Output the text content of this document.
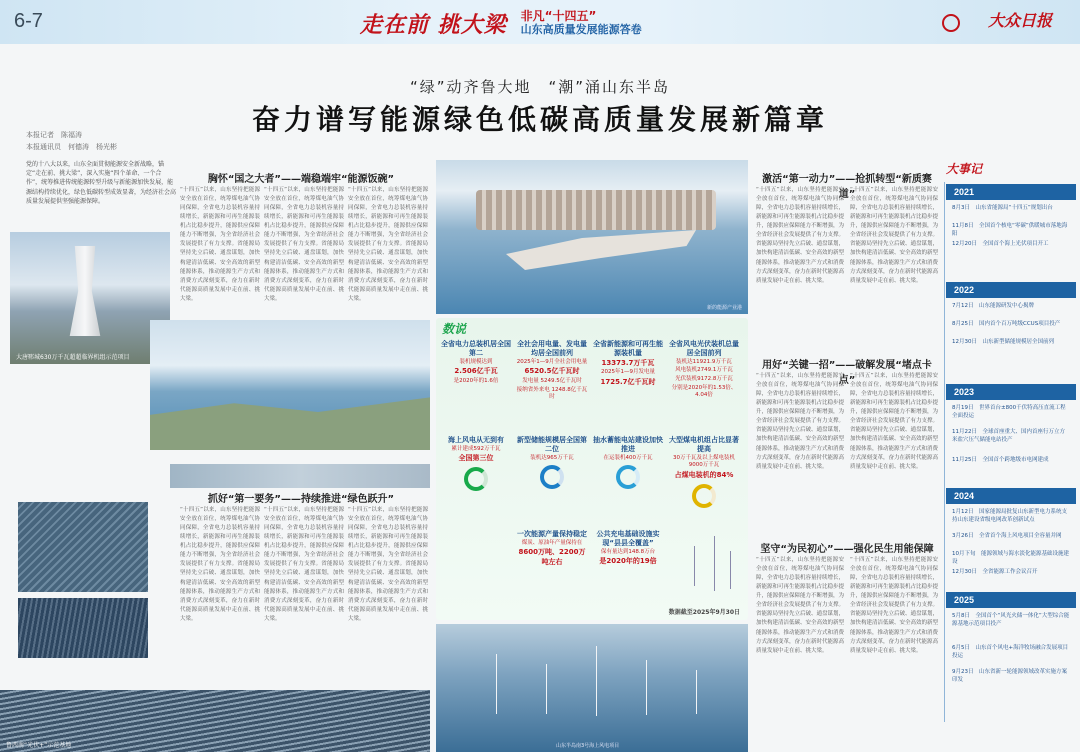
6-7	走在前 挑大梁 非凡“十四五”
山东高质量发展能源答卷	大众日报
“绿”动齐鲁大地　“潮”涌山东半岛
奋力谱写能源绿色低碳高质量发展新篇章
本报记者　陈福涛
本报通讯员　何德涛　杨光彬
党的十八大以来，山东全面贯彻能源安全新战略，锚定“走在前、挑大梁”，深入实施“四个革命、一个合作”，统筹推进传统能源转型升级与新能源加快发展，能源结构持续优化，绿色低碳转型成效显著，为经济社会高质量发展提供坚强能源保障。
大唐郓城630万千瓦超超临界机组示范项目
胸怀“国之大者”——端稳端牢“能源饭碗”
“十四五”以来，山东坚持把能源安全放在首位，统筹煤电油气协同保障，全省电力总装机容量持续增长，新能源和可再生能源装机占比稳步提升，能源供应保障能力不断增强，为全省经济社会发展提供了有力支撑。省能源局坚持先立后破、通盘谋划，加快构建清洁低碳、安全高效的新型能源体系，推动能源生产方式和消费方式深刻变革，奋力在新时代能源高质量发展中走在前、挑大梁。
“十四五”以来，山东坚持把能源安全放在首位，统筹煤电油气协同保障，全省电力总装机容量持续增长，新能源和可再生能源装机占比稳步提升，能源供应保障能力不断增强，为全省经济社会发展提供了有力支撑。省能源局坚持先立后破、通盘谋划，加快构建清洁低碳、安全高效的新型能源体系，推动能源生产方式和消费方式深刻变革，奋力在新时代能源高质量发展中走在前、挑大梁。
“十四五”以来，山东坚持把能源安全放在首位，统筹煤电油气协同保障，全省电力总装机容量持续增长，新能源和可再生能源装机占比稳步提升，能源供应保障能力不断增强，为全省经济社会发展提供了有力支撑。省能源局坚持先立后破、通盘谋划，加快构建清洁低碳、安全高效的新型能源体系，推动能源生产方式和消费方式深刻变革，奋力在新时代能源高质量发展中走在前、挑大梁。
抓好“第一要务”——持续推进“绿色跃升”
“十四五”以来，山东坚持把能源安全放在首位，统筹煤电油气协同保障，全省电力总装机容量持续增长，新能源和可再生能源装机占比稳步提升，能源供应保障能力不断增强，为全省经济社会发展提供了有力支撑。省能源局坚持先立后破、通盘谋划，加快构建清洁低碳、安全高效的新型能源体系，推动能源生产方式和消费方式深刻变革，奋力在新时代能源高质量发展中走在前、挑大梁。
“十四五”以来，山东坚持把能源安全放在首位，统筹煤电油气协同保障，全省电力总装机容量持续增长，新能源和可再生能源装机占比稳步提升，能源供应保障能力不断增强，为全省经济社会发展提供了有力支撑。省能源局坚持先立后破、通盘谋划，加快构建清洁低碳、安全高效的新型能源体系，推动能源生产方式和消费方式深刻变革，奋力在新时代能源高质量发展中走在前、挑大梁。
“十四五”以来，山东坚持把能源安全放在首位，统筹煤电油气协同保障，全省电力总装机容量持续增长，新能源和可再生能源装机占比稳步提升，能源供应保障能力不断增强，为全省经济社会发展提供了有力支撑。省能源局坚持先立后破、通盘谋划，加快构建清洁低碳、安全高效的新型能源体系，推动能源生产方式和消费方式深刻变革，奋力在新时代能源高质量发展中走在前、挑大梁。
鲁西南“光伏+”示范基地
新的能源产业港
数说
全省电力总装机居全国第二
装机规模达到
2.506亿千瓦
是2020年的1.6倍
全社会用电量、发电量均居全国前列
2025年1—9月全社会用电量
6520.5亿千瓦时
发电量 5249.5亿千瓦时
接纳省外来电 1248.8亿千瓦时
全省新能源和可再生能源装机量
13373.7万千瓦
2025年1—9月发电量
1725.7亿千瓦时
全省风电光伏装机总量居全国前列
装机达11921.9万千瓦
风电装机2749.1万千瓦
光伏装机9172.8万千瓦
分别是2020年的1.53倍、4.04倍
海上风电从无到有
累计建成592万千瓦
全国第三位
新型储能规模居全国第二位
装机达965万千瓦
抽水蓄能电站建设加快推进
在运装机400万千瓦
大型煤电机组占比显著提高
30万千瓦及以上煤电装机9000万千瓦
占煤电装机的84%
一次能源产量保持稳定
煤炭、原油年产量保持在
8600万吨、2200万吨左右
公共充电基础设施实现“县县全覆盖”
保有量达到148.8万台
是2020年的19倍
数据截至2025年9月30日
山东半岛南3号海上风电项目
激活“第一动力”——抢抓转型“新质赛道”
“十四五”以来，山东坚持把能源安全放在首位，统筹煤电油气协同保障，全省电力总装机容量持续增长，新能源和可再生能源装机占比稳步提升，能源供应保障能力不断增强，为全省经济社会发展提供了有力支撑。省能源局坚持先立后破、通盘谋划，加快构建清洁低碳、安全高效的新型能源体系，推动能源生产方式和消费方式深刻变革，奋力在新时代能源高质量发展中走在前、挑大梁。
“十四五”以来，山东坚持把能源安全放在首位，统筹煤电油气协同保障，全省电力总装机容量持续增长，新能源和可再生能源装机占比稳步提升，能源供应保障能力不断增强，为全省经济社会发展提供了有力支撑。省能源局坚持先立后破、通盘谋划，加快构建清洁低碳、安全高效的新型能源体系，推动能源生产方式和消费方式深刻变革，奋力在新时代能源高质量发展中走在前、挑大梁。
用好“关键一招”——破解发展“堵点卡点”
“十四五”以来，山东坚持把能源安全放在首位，统筹煤电油气协同保障，全省电力总装机容量持续增长，新能源和可再生能源装机占比稳步提升，能源供应保障能力不断增强，为全省经济社会发展提供了有力支撑。省能源局坚持先立后破、通盘谋划，加快构建清洁低碳、安全高效的新型能源体系，推动能源生产方式和消费方式深刻变革，奋力在新时代能源高质量发展中走在前、挑大梁。
“十四五”以来，山东坚持把能源安全放在首位，统筹煤电油气协同保障，全省电力总装机容量持续增长，新能源和可再生能源装机占比稳步提升，能源供应保障能力不断增强，为全省经济社会发展提供了有力支撑。省能源局坚持先立后破、通盘谋划，加快构建清洁低碳、安全高效的新型能源体系，推动能源生产方式和消费方式深刻变革，奋力在新时代能源高质量发展中走在前、挑大梁。
坚守“为民初心”——强化民生用能保障
“十四五”以来，山东坚持把能源安全放在首位，统筹煤电油气协同保障，全省电力总装机容量持续增长，新能源和可再生能源装机占比稳步提升，能源供应保障能力不断增强，为全省经济社会发展提供了有力支撑。省能源局坚持先立后破、通盘谋划，加快构建清洁低碳、安全高效的新型能源体系，推动能源生产方式和消费方式深刻变革，奋力在新时代能源高质量发展中走在前、挑大梁。
“十四五”以来，山东坚持把能源安全放在首位，统筹煤电油气协同保障，全省电力总装机容量持续增长，新能源和可再生能源装机占比稳步提升，能源供应保障能力不断增强，为全省经济社会发展提供了有力支撑。省能源局坚持先立后破、通盘谋划，加快构建清洁低碳、安全高效的新型能源体系，推动能源生产方式和消费方式深刻变革，奋力在新时代能源高质量发展中走在前、挑大梁。
大事记
2021
8月3日　山东省能源局“十四五”规划出台
11月8日　全国首个核电“零碳”供暖城市落地海阳
12月20日　全国首个海上光伏项目开工
2022
7月12日　山东能源研发中心揭牌
8月25日　国内首个百万吨级CCUS项目投产
12月30日　山东新型储能规模居全国前列
2023
8月19日　世界首台±800千伏特高压直流工程全面投运
11月22日　全球首座重大、国内首座行万立方米盐穴压气储能电站投产
11月25日　全国首个跨地级市电网建成
2024
1月12日　国家能源局批复山东新型电力系统支持山东建设省级电网改革创新试点
3月26日　全省首个海上风电项目全容量并网
10月下旬　能源领域与海水淡化能源基础设施建设
12月30日　全省能源工作会议召开
2025
5月8日　全国首个“风光火储一体化”大型综合能源基地示范项目投产
6月5日　山东首个风电+海洋牧场融合发展项目投运
9月23日　山东省新一轮能源领域改革实施方案印发
